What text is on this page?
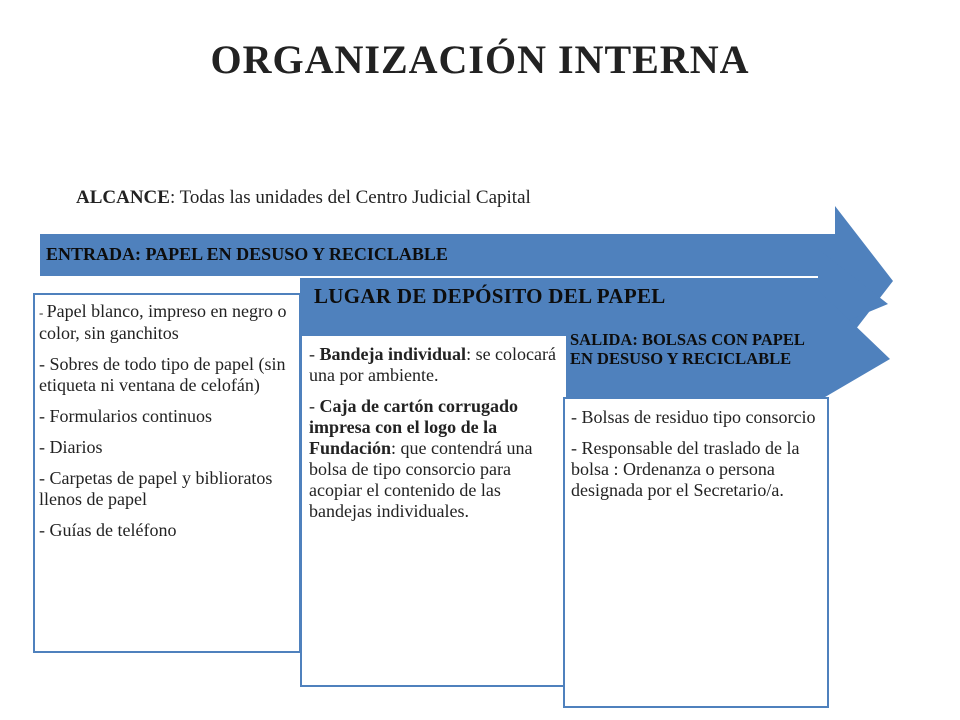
ORGANIZACIÓN INTERNA
ALCANCE: Todas las unidades del Centro Judicial Capital
ENTRADA: PAPEL EN DESUSO Y RECICLABLE
LUGAR DE DEPÓSITO DEL PAPEL
SALIDA: BOLSAS CON PAPEL EN DESUSO Y RECICLABLE

- Papel blanco, impreso en negro o color, sin ganchitos

- Sobres de todo tipo de papel (sin etiqueta ni ventana de celofán)

- Formularios continuos

- Diarios

- Carpetas de papel y biblioratos llenos de papel

- Guías de teléfono

- Bandeja individual: se colocará una por ambiente.

- Caja de cartón corrugado impresa con el logo de la Fundación: que contendrá una bolsa de tipo consorcio para acopiar el contenido de las bandejas individuales.

- Bolsas de residuo tipo consorcio

- Responsable del traslado de la bolsa : Ordenanza o persona designada por el Secretario/a.
